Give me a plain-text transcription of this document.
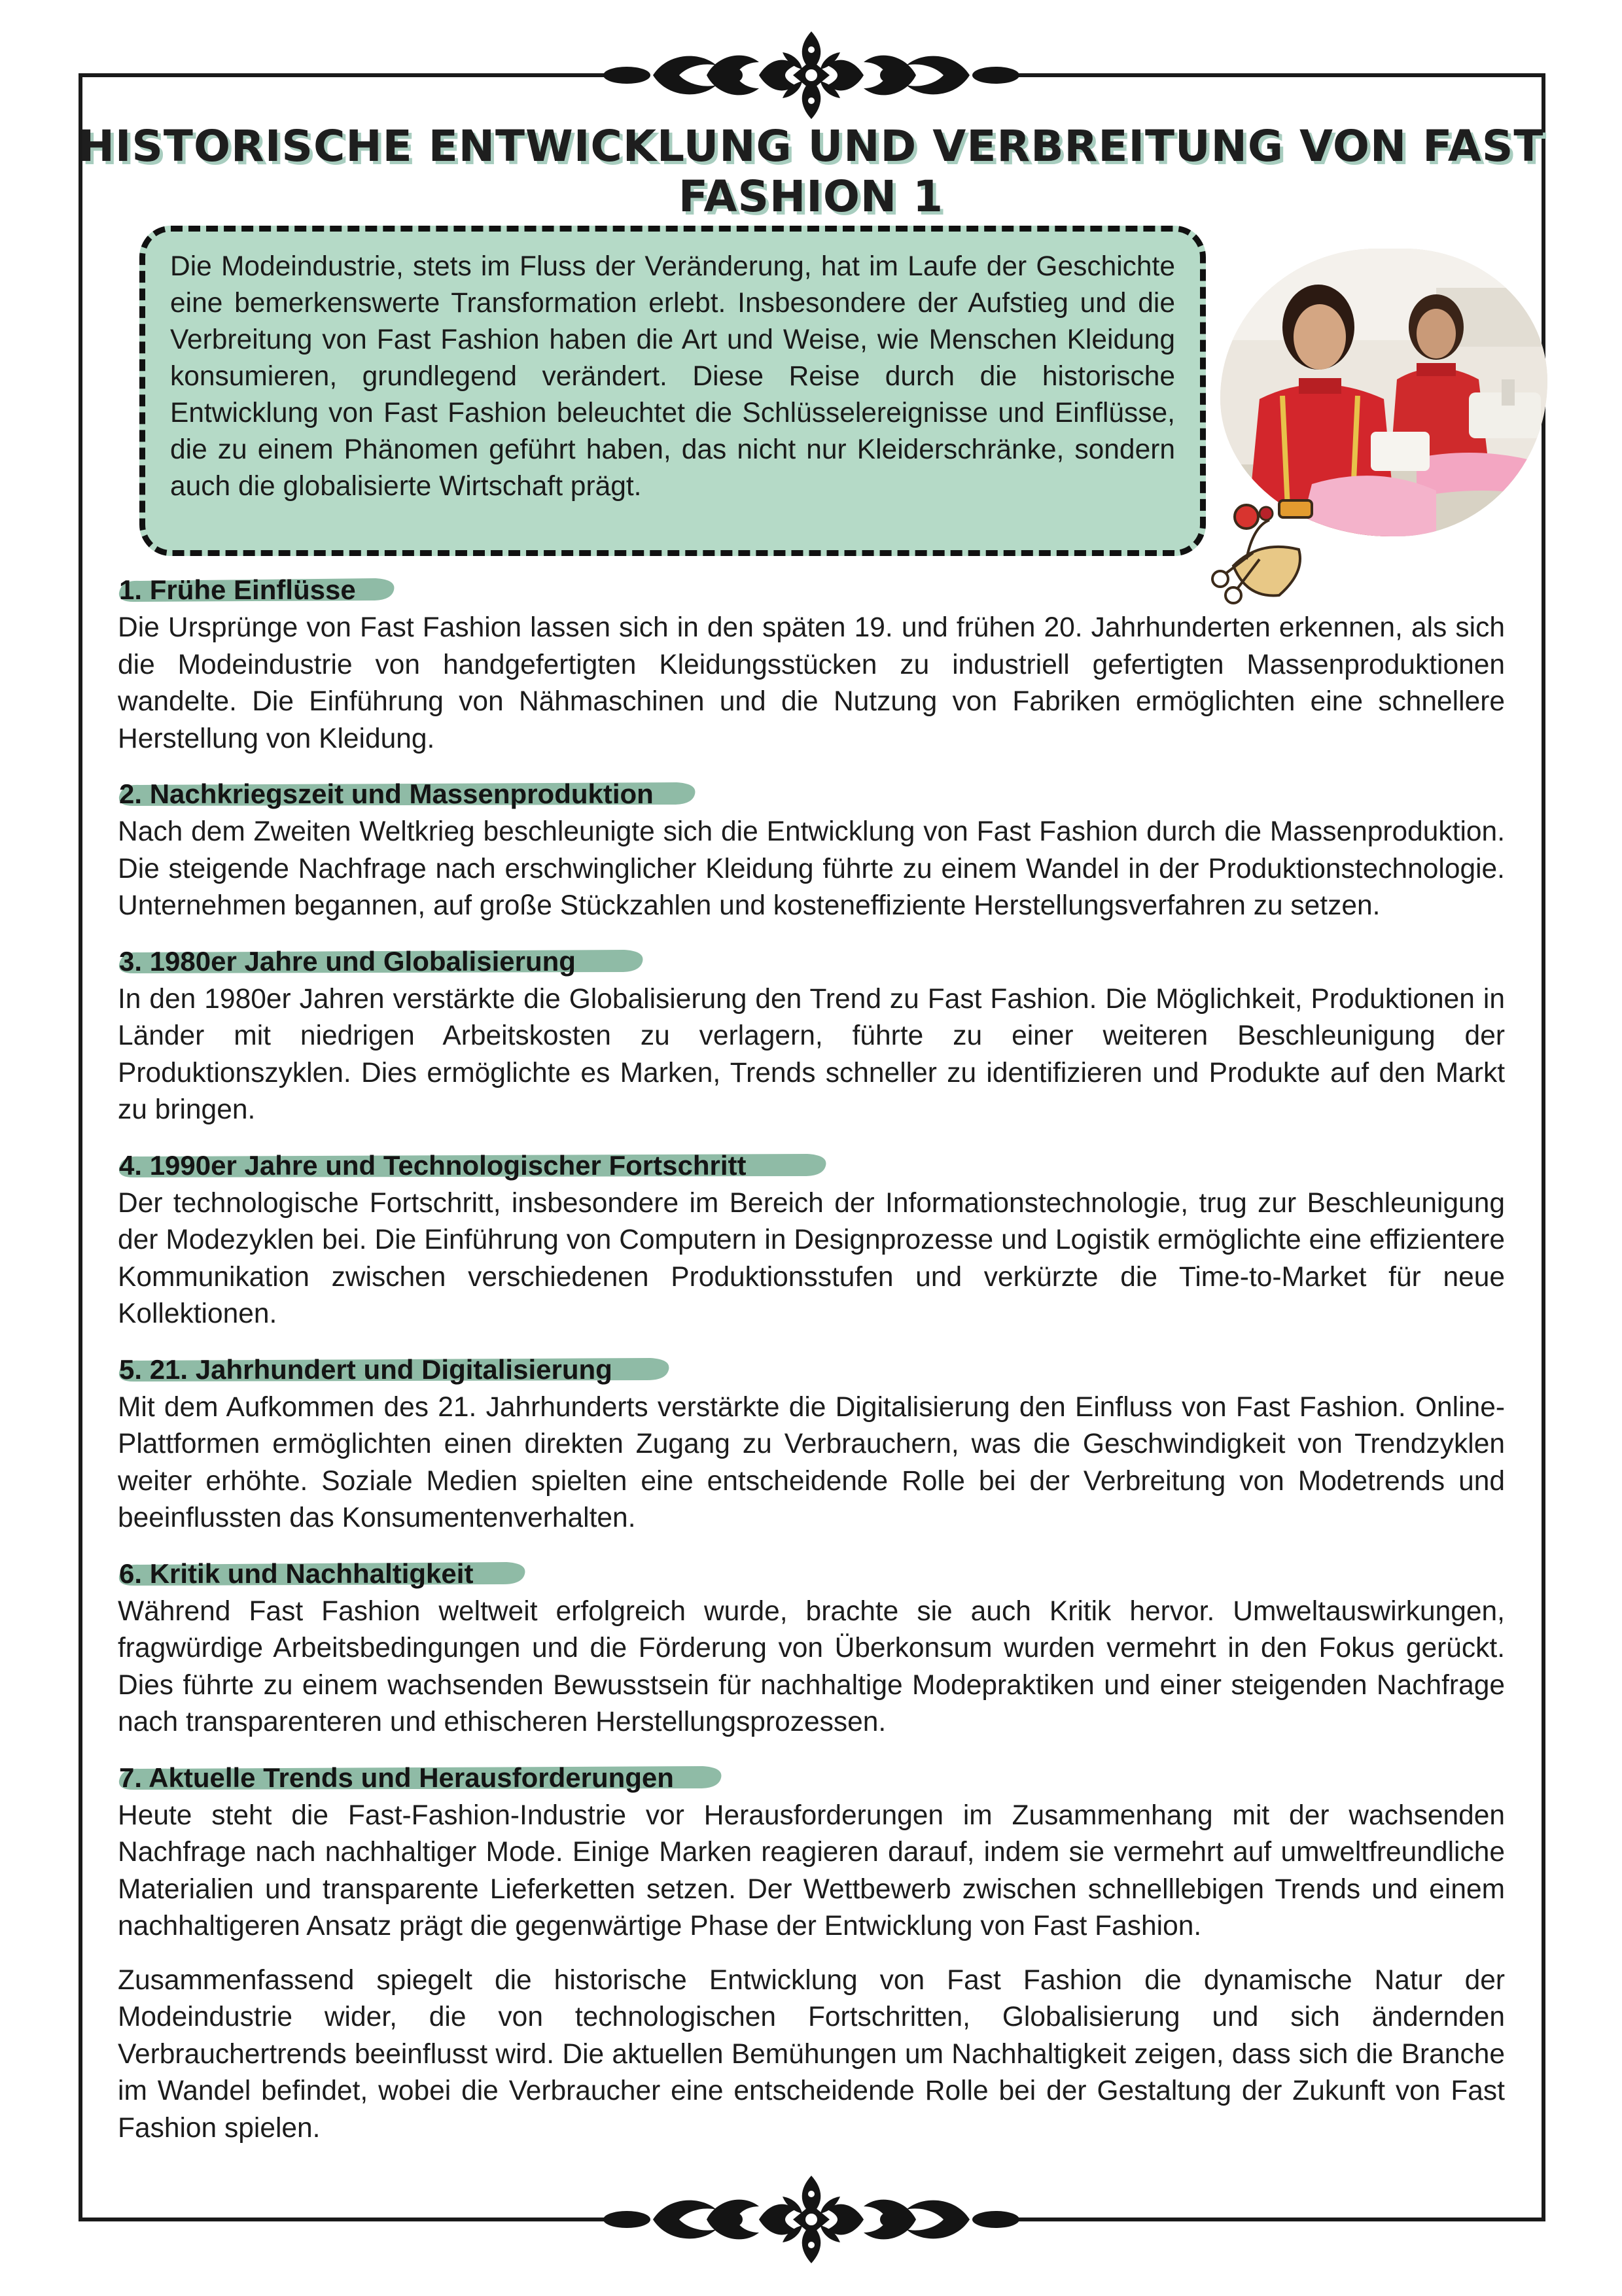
HISTORISCHE ENTWICKLUNG UND VERBREITUNG VON FAST FASHION 1

Die Modeindustrie, stets im Fluss der Veränderung, hat im Laufe der Geschichte eine bemerkenswerte Transformation erlebt. Insbesondere der Aufstieg und die Verbreitung von Fast Fashion haben die Art und Weise, wie Menschen Kleidung konsumieren, grundlegend verändert. Diese Reise durch die historische Entwicklung von Fast Fashion beleuchtet die Schlüsselereignisse und Einflüsse, die zu einem Phänomen geführt haben, das nicht nur Kleiderschränke, sondern auch die globalisierte Wirtschaft prägt.

1. Frühe Einflüsse

Die Ursprünge von Fast Fashion lassen sich in den späten 19. und frühen 20. Jahrhunderten erkennen, als sich die Modeindustrie von handgefertigten Kleidungsstücken zu industriell gefertigten Massenproduktionen wandelte. Die Einführung von Nähmaschinen und die Nutzung von Fabriken ermöglichten eine schnellere Herstellung von Kleidung.

2. Nachkriegszeit und Massenproduktion

Nach dem Zweiten Weltkrieg beschleunigte sich die Entwicklung von Fast Fashion durch die Massenproduktion. Die steigende Nachfrage nach erschwinglicher Kleidung führte zu einem Wandel in der Produktionstechnologie. Unternehmen begannen, auf große Stückzahlen und kosteneffiziente Herstellungsverfahren zu setzen.

3. 1980er Jahre und Globalisierung

In den 1980er Jahren verstärkte die Globalisierung den Trend zu Fast Fashion. Die Möglichkeit, Produktionen in Länder mit niedrigen Arbeitskosten zu verlagern, führte zu einer weiteren Beschleunigung der Produktionszyklen. Dies ermöglichte es Marken, Trends schneller zu identifizieren und Produkte auf den Markt zu bringen.

4. 1990er Jahre und Technologischer Fortschritt

Der technologische Fortschritt, insbesondere im Bereich der Informationstechnologie, trug zur Beschleunigung der Modezyklen bei. Die Einführung von Computern in Designprozesse und Logistik ermöglichte eine effizientere Kommunikation zwischen verschiedenen Produktionsstufen und verkürzte die Time-to-Market für neue Kollektionen.

5. 21. Jahrhundert und Digitalisierung

Mit dem Aufkommen des 21. Jahrhunderts verstärkte die Digitalisierung den Einfluss von Fast Fashion. Online-Plattformen ermöglichten einen direkten Zugang zu Verbrauchern, was die Geschwindigkeit von Trendzyklen weiter erhöhte. Soziale Medien spielten eine entscheidende Rolle bei der Verbreitung von Modetrends und beeinflussten das Konsumentenverhalten.

6. Kritik und Nachhaltigkeit

Während Fast Fashion weltweit erfolgreich wurde, brachte sie auch Kritik hervor. Umweltauswirkungen, fragwürdige Arbeitsbedingungen und die Förderung von Überkonsum wurden vermehrt in den Fokus gerückt. Dies führte zu einem wachsenden Bewusstsein für nachhaltige Modepraktiken und einer steigenden Nachfrage nach transparenteren und ethischeren Herstellungsprozessen.

7. Aktuelle Trends und Herausforderungen

Heute steht die Fast-Fashion-Industrie vor Herausforderungen im Zusammenhang mit der wachsenden Nachfrage nach nachhaltiger Mode. Einige Marken reagieren darauf, indem sie vermehrt auf umweltfreundliche Materialien und transparente Lieferketten setzen. Der Wettbewerb zwischen schnelllebigen Trends und einem nachhaltigeren Ansatz prägt die gegenwärtige Phase der Entwicklung von Fast Fashion.

Zusammenfassend spiegelt die historische Entwicklung von Fast Fashion die dynamische Natur der Modeindustrie wider, die von technologischen Fortschritten, Globalisierung und sich ändernden Verbrauchertrends beeinflusst wird. Die aktuellen Bemühungen um Nachhaltigkeit zeigen, dass sich die Branche im Wandel befindet, wobei die Verbraucher eine entscheidende Rolle bei der Gestaltung der Zukunft von Fast Fashion spielen.
